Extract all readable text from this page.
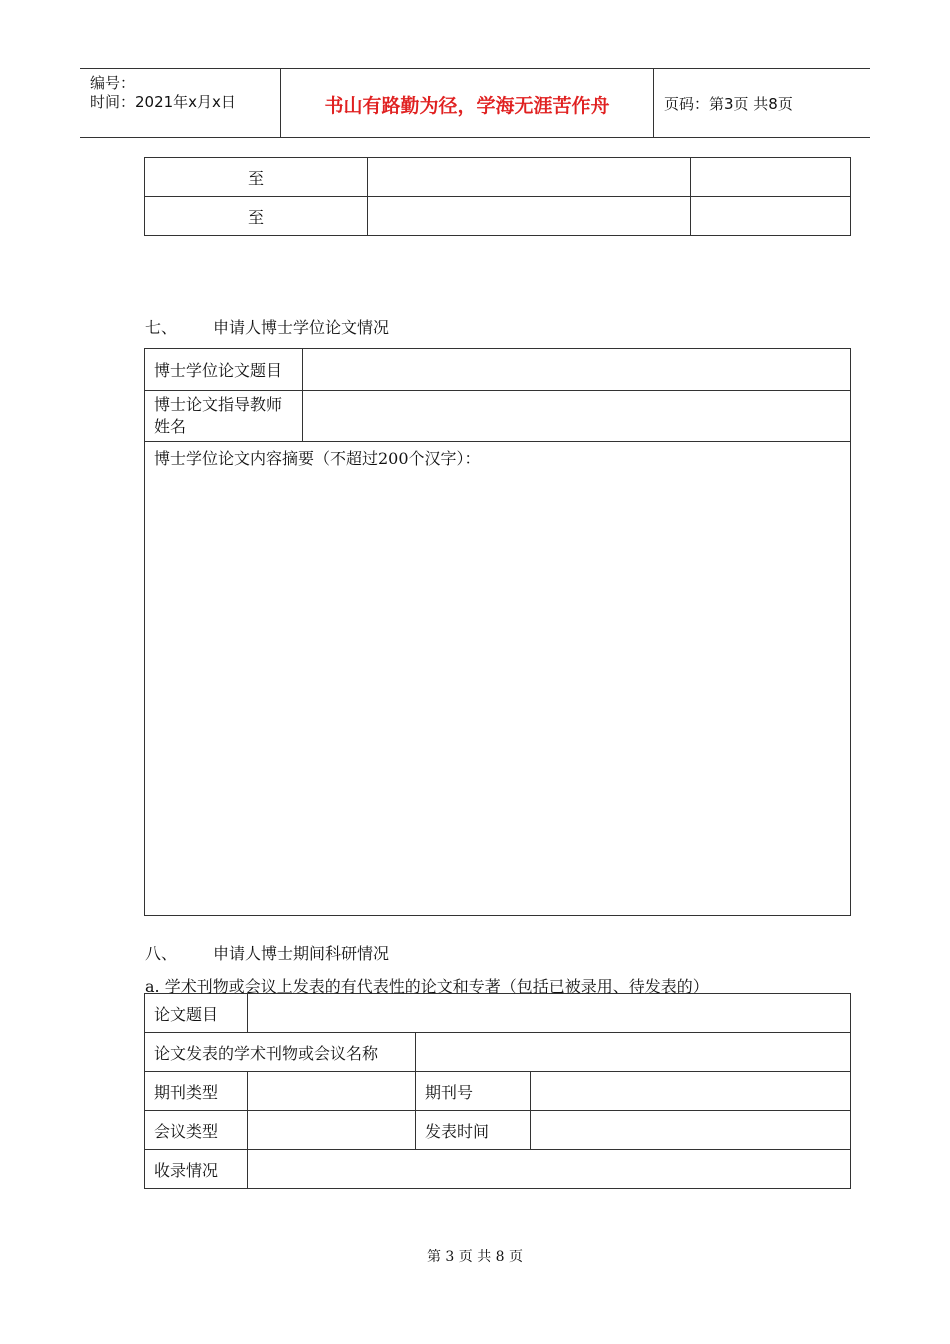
编号：
时间：2021年x月x日	书山有路勤为径，学海无涯苦作舟	页码：第3页 共8页
至		
至		
七、 申请人博士学位论文情况
博士学位论文题目	
博士论文指导教师姓名	
博士学位论文内容摘要（不超过200个汉字）：	
八、 申请人博士期间科研情况
a. 学术刊物或会议上发表的有代表性的论文和专著（包括已被录用、待发表的）
论文题目			
论文发表的学术刊物或会议名称			
期刊类型		期刊号	
会议类型		发表时间	
收录情况			
第 3 页 共 8 页
